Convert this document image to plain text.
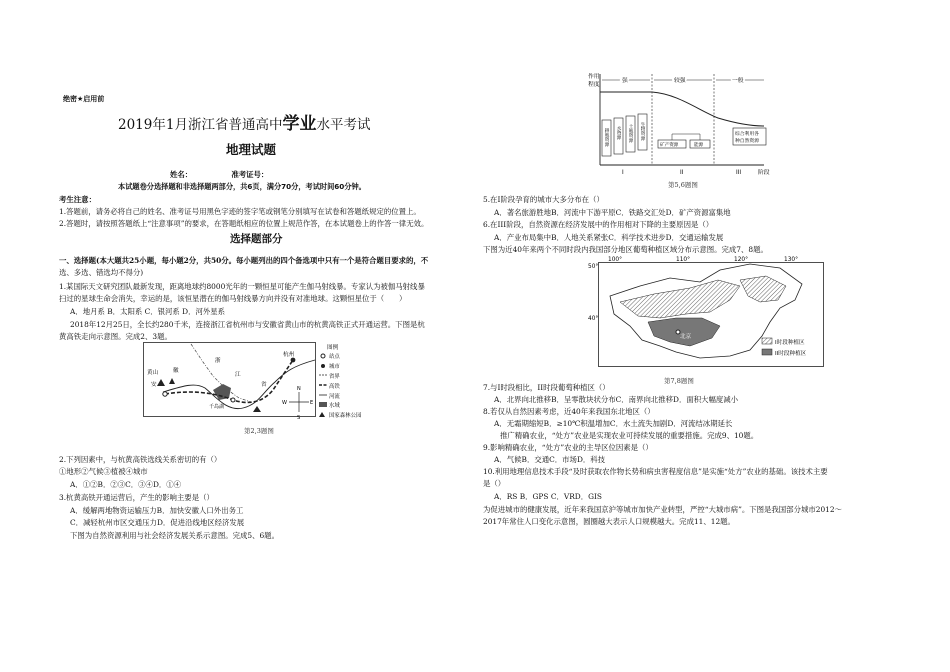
绝密★启用前
2019年1月浙江省普通高中学业水平考试
地理试题
姓名：	准考证号：
本试题卷分选择题和非选择题两部分，共6页，满分70分，考试时间60分钟。
考生注意：
1.答题前，请务必将自己的姓名、准考证号用黑色字迹的签字笔或钢笔分别填写在试卷和答题纸规定的位置上。
2.答题时，请按照答题纸上“注意事项”的要求，在答题纸相应的位置上规范作答，在本试题卷上的作答一律无效。
选择题部分
一、选择题(本大题共25小题，每小题2分，共50分。每小题列出的四个备选项中只有一个是符合题目要求的，不
选、多选、错选均不得分)
1.某国际天文研究团队最新发现，距离地球约8000光年的一颗恒星可能产生伽马射线暴。专家认为被伽马射线暴
扫过的星球生命会消失，幸运的是，该恒星潜在的伽马射线暴方向并没有对准地球。这颗恒星位于（　　）
A．地月系 B．太阳系 C．银河系 D．河外星系
2018年12月25日，全长约280千米，连接浙江省杭州市与安徽省黄山市的杭黄高铁正式开通运营。下图是杭
黄高铁走向示意图。完成2、3题。
黄山
安
徽
浙
江
省
杭州
千岛湖
N
W	E
S
图例
站点
城市
省界
高铁
河流
水域
国家森林公园
第2,3题图
2.下列因素中，与杭黄高铁选线关系密切的有（）
①地形②气候③植被④城市
A．①②B．②③C．③④D．①④
3.杭黄高铁开通运营后，产生的影响主要是（）
A．缓解两地物资运输压力B．加快安徽人口外出务工
C．减轻杭州市区交通压力D．促进沿线地区经济发展
下图为自然资源利用与社会经济发展关系示意图。完成5、6题。
作用
程度
强	较强	一般
耕地资源 水资源 土地资源 生物资源
矿产资源	能源
综合利用各
种自然资源
I	II	III	阶段
第5,6题图
5.在I阶段孕育的城市大多分布在（）
A．著名旅游胜地B．河流中下游平原C．铁路交汇处D．矿产资源富集地
6.在III阶段，自然资源在经济发展中的作用相对下降的主要原因是（）
A．产业布局集中B．人地关系紧张C．科学技术进步D．交通运输发展
下图为近40年来两个不同时段内我国部分地区葡萄种植区域分布示意图。完成7、8题。
100°	110°	120°	130°
50°
40°
北京
I时段种植区
II时段种植区
第7,8题图
7.与I时段相比，II时段葡萄种植区（）
A．北界向北推移B．呈零散块状分布C．南界向北推移D．面积大幅度减小
8.若仅从自然因素考虑，近40年来我国东北地区（）
A．无霜期缩短B．≥10℃积温增加C．水土流失加剧D．河流结冰期延长
推广精确农业，“处方”农业是实现农业可持续发展的重要措施。完成9、10题。
9.影响精确农业，“处方”农业的主导区位因素是（）
A．气候B．交通C．市场D．科技
10.利用地理信息技术手段“及时获取农作物长势和病虫害程度信息”是实施“处方”农业的基础。该技术主要
是（）
A．RS B．GPS C．VRD．GIS
为促进城市的健康发展，近年来我国京沪等城市加快产业转型，严控“大城市病”。下图是我国部分城市2012～
2017年常住人口变化示意图，圆圈越大表示人口规模越大。完成11、12题。
